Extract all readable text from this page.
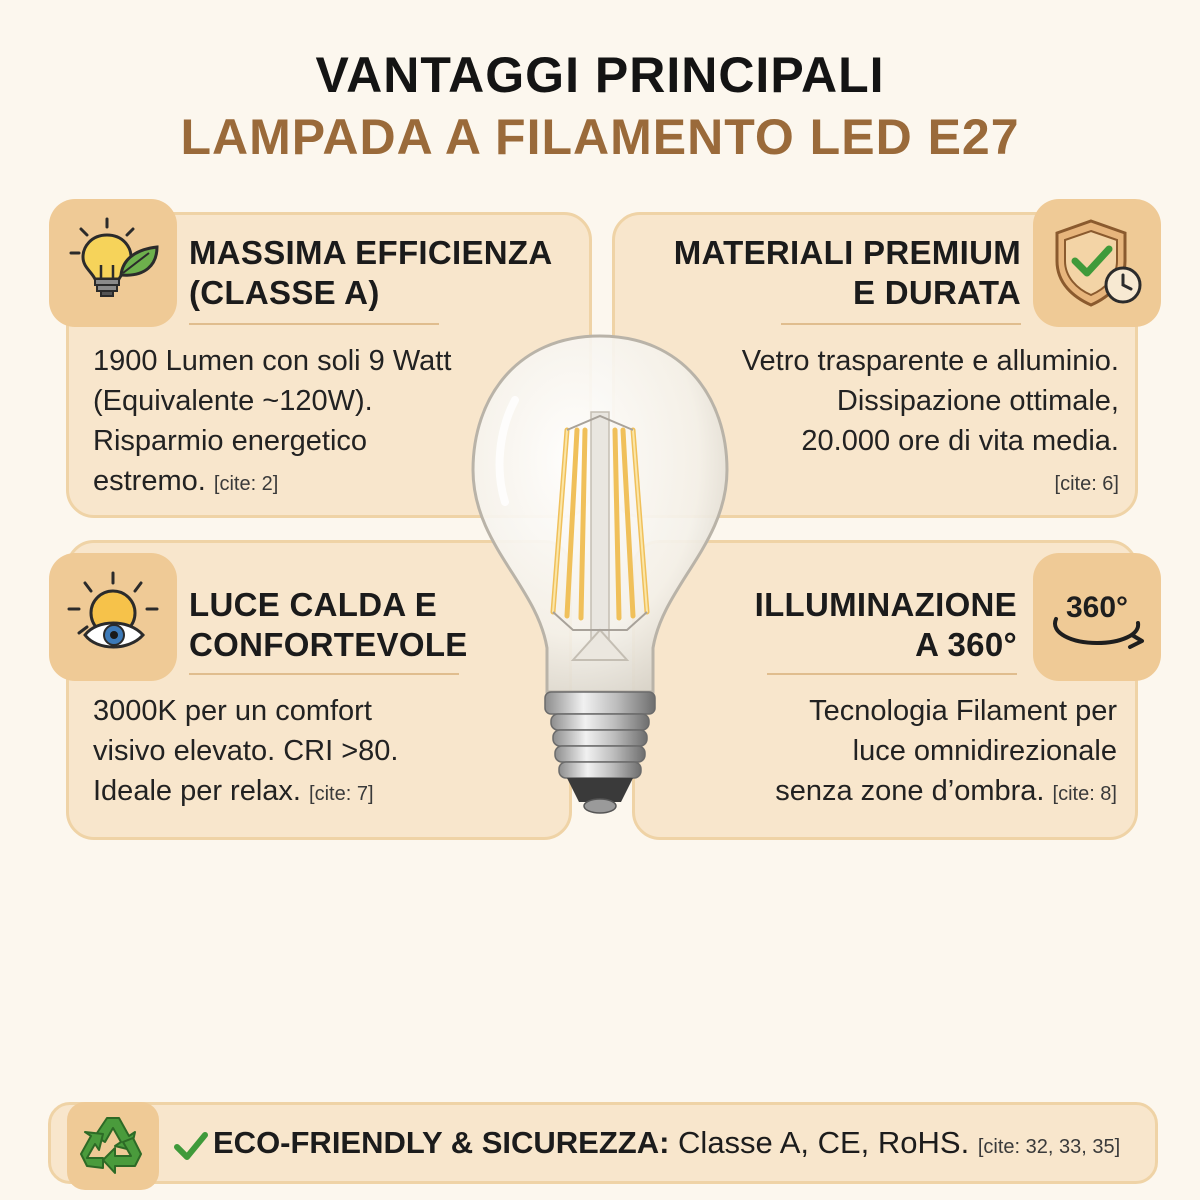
VANTAGGI PRINCIPALI
LAMPADA A FILAMENTO LED E27
MASSIMA EFFICIENZA
(CLASSE A)
1900 Lumen con soli 9 Watt
(Equivalente ~120W).
Risparmio energetico
estremo. [cite: 2]
MATERIALI PREMIUM
E DURATA
Vetro trasparente e alluminio.
Dissipazione ottimale,
20.000 ore di vita media.
[cite: 6]
LUCE CALDA E
CONFORTEVOLE
3000K per un comfort
visivo elevato. CRI >80.
Ideale per relax. [cite: 7]
360°
ILLUMINAZIONE
A 360°
Tecnologia Filament per
luce omnidirezionale
senza zone d’ombra. [cite: 8]
ECO-FRIENDLY & SICUREZZA: Classe A, CE, RoHS. [cite: 32, 33, 35]
